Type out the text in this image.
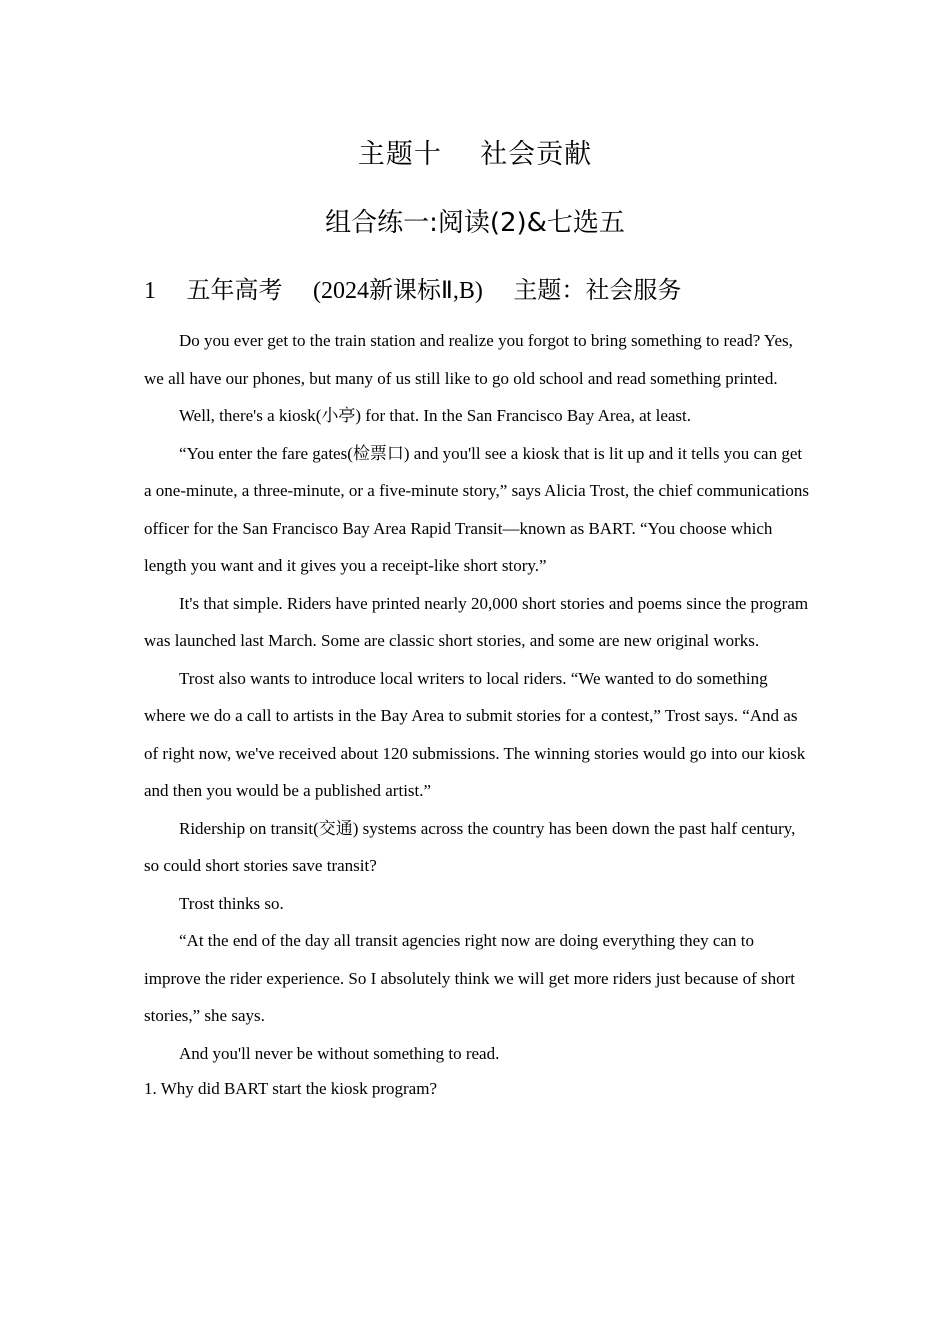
主题十    社会贡献
组合练一:阅读(2)&七选五
1 五年高考 (2024新课标Ⅱ,B) 主题：社会服务

Do you ever get to the train station and realize you forgot to bring something to read? Yes, we all have our phones, but many of us still like to go old school and read something printed.

Well, there's a kiosk(小亭) for that. In the San Francisco Bay Area, at least.

“You enter the fare gates(检票口) and you'll see a kiosk that is lit up and it tells you can get a one-minute, a three-minute, or a five-minute story,” says Alicia Trost, the chief communications officer for the San Francisco Bay Area Rapid Transit—known as BART. “You choose which length you want and it gives you a receipt-like short story.”

It's that simple. Riders have printed nearly 20,000 short stories and poems since the program was launched last March. Some are classic short stories, and some are new original works.

Trost also wants to introduce local writers to local riders. “We wanted to do something where we do a call to artists in the Bay Area to submit stories for a contest,” Trost says. “And as of right now, we've received about 120 submissions. The winning stories would go into our kiosk and then you would be a published artist.”

Ridership on transit(交通) systems across the country has been down the past half century, so could short stories save transit?

Trost thinks so.

“At the end of the day all transit agencies right now are doing everything they can to improve the rider experience. So I absolutely think we will get more riders just because of short stories,” she says.

And you'll never be without something to read.

1. Why did BART start the kiosk program?
